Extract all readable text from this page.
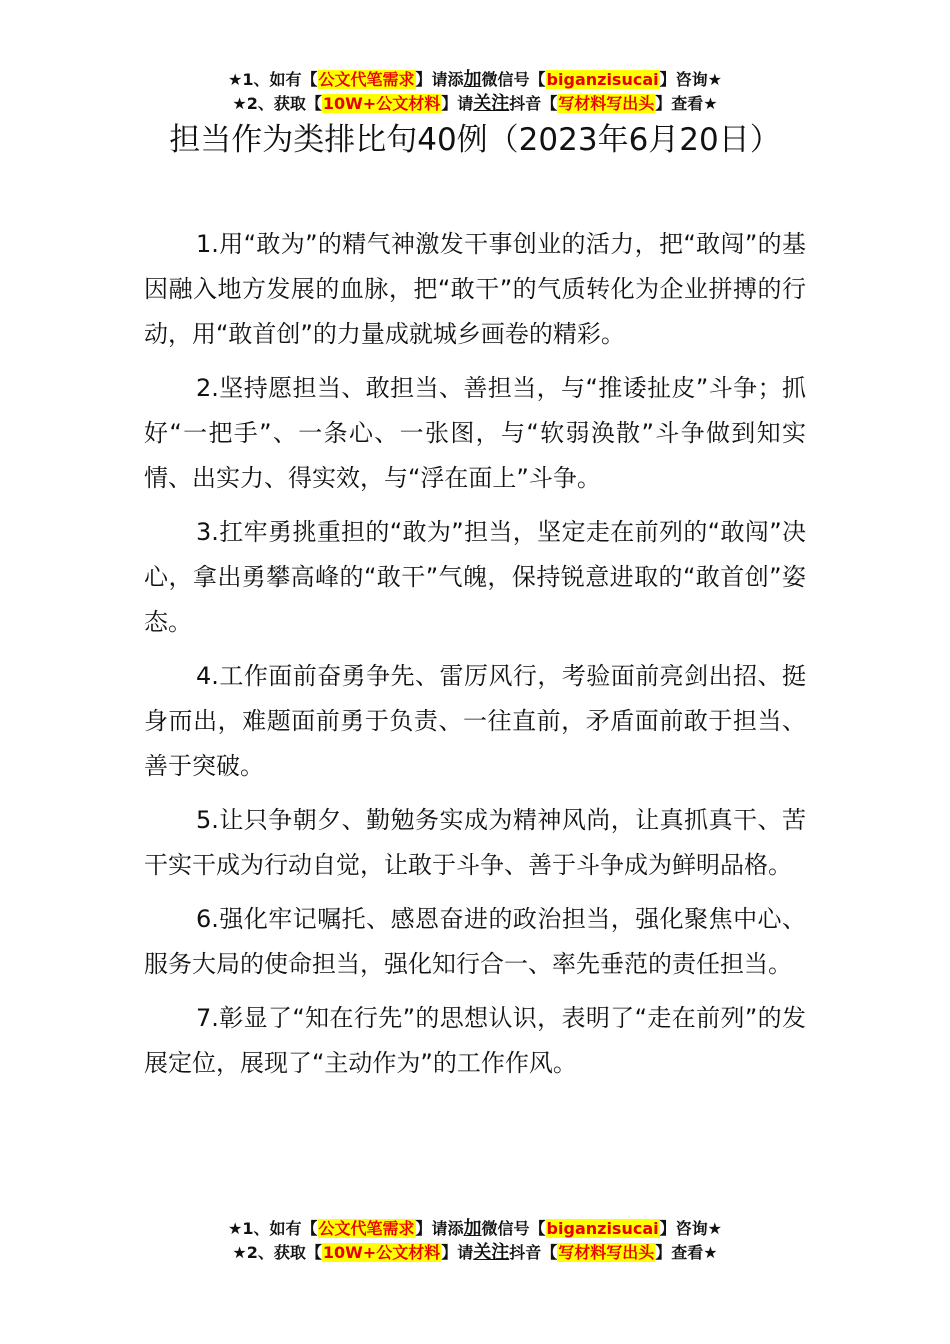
★1、如有【公文代笔需求】请添加微信号【biganzisucai】咨询★
★2、获取【10W+公文材料】请关注抖音【写材料写出头】查看★
担当作为类排比句40例（2023年6月20日）

1.用“敢为”的精气神激发干事创业的活力，把“敢闯”的基因融入地方发展的血脉，把“敢干”的气质转化为企业拼搏的行动，用“敢首创”的力量成就城乡画卷的精彩。

2.坚持愿担当、敢担当、善担当，与“推诿扯皮”斗争；抓好“一把手”、一条心、一张图，与“软弱涣散”斗争做到知实情、出实力、得实效，与“浮在面上”斗争。

3.扛牢勇挑重担的“敢为”担当，坚定走在前列的“敢闯”决心，拿出勇攀高峰的“敢干”气魄，保持锐意进取的“敢首创”姿态。

4.工作面前奋勇争先、雷厉风行，考验面前亮剑出招、挺身而出，难题面前勇于负责、一往直前，矛盾面前敢于担当、善于突破。

5.让只争朝夕、勤勉务实成为精神风尚，让真抓真干、苦干实干成为行动自觉，让敢于斗争、善于斗争成为鲜明品格。

6.强化牢记嘱托、感恩奋进的政治担当，强化聚焦中心、服务大局的使命担当，强化知行合一、率先垂范的责任担当。

7.彰显了“知在行先”的思想认识，表明了“走在前列”的发展定位，展现了“主动作为”的工作作风。

★1、如有【公文代笔需求】请添加微信号【biganzisucai】咨询★
★2、获取【10W+公文材料】请关注抖音【写材料写出头】查看★
